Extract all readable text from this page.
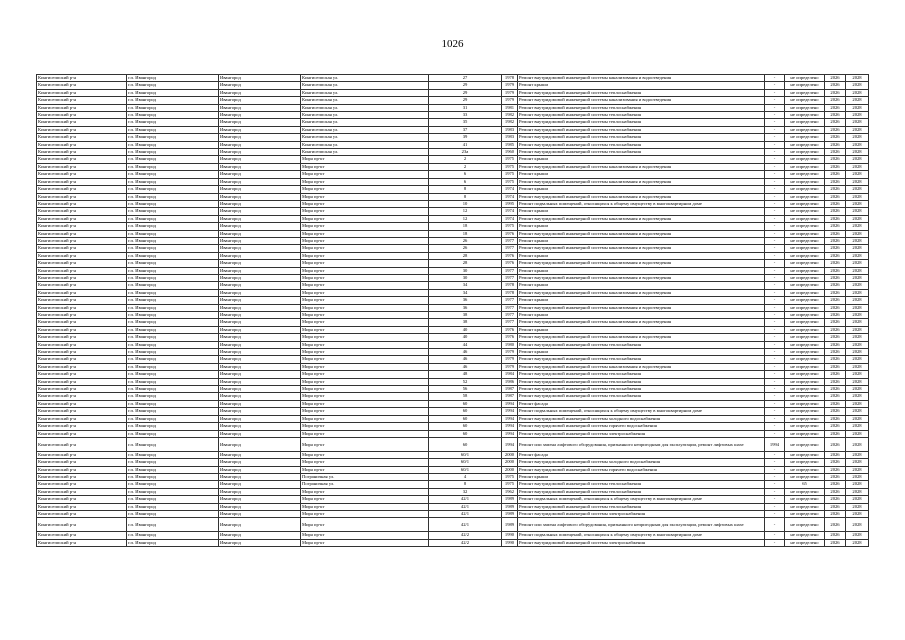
1026
Кингисеппский р-н	г.п. Ивангород	Ивангород	Кингисеппская ул.	27	1978	Ремонт внутридомовой инженерной системы канализования и водоотведения	-	не определено	2026	2028
Кингисеппский р-н	г.п. Ивангород	Ивангород	Кингисеппская ул.	29	1979	Ремонт крыши	-	не определено	2026	2028
Кингисеппский р-н	г.п. Ивангород	Ивангород	Кингисеппская ул.	29	1979	Ремонт внутридомовой инженерной системы теплоснабжения	-	не определено	2026	2028
Кингисеппский р-н	г.п. Ивангород	Ивангород	Кингисеппская ул.	29	1979	Ремонт внутридомовой инженерной системы канализования и водоотведения	-	не определено	2026	2028
Кингисеппский р-н	г.п. Ивангород	Ивангород	Кингисеппская ул.	31	1981	Ремонт внутридомовой инженерной системы теплоснабжения	-	не определено	2026	2028
Кингисеппский р-н	г.п. Ивангород	Ивангород	Кингисеппская ул.	33	1982	Ремонт внутридомовой инженерной системы теплоснабжения	-	не определено	2026	2028
Кингисеппский р-н	г.п. Ивангород	Ивангород	Кингисеппская ул.	35	1982	Ремонт внутридомовой инженерной системы теплоснабжения	-	не определено	2026	2028
Кингисеппский р-н	г.п. Ивангород	Ивангород	Кингисеппская ул.	37	1983	Ремонт внутридомовой инженерной системы теплоснабжения	-	не определено	2026	2028
Кингисеппский р-н	г.п. Ивангород	Ивангород	Кингисеппская ул.	39	1983	Ремонт внутридомовой инженерной системы теплоснабжения	-	не определено	2026	2028
Кингисеппский р-н	г.п. Ивангород	Ивангород	Кингисеппская ул.	41	1985	Ремонт внутридомовой инженерной системы теплоснабжения	-	не определено	2026	2028
Кингисеппский р-н	г.п. Ивангород	Ивангород	Кингисеппская ул.	23а	1960	Ремонт внутридомовой инженерной системы теплоснабжения	-	не определено	2026	2028
Кингисеппский р-н	г.п. Ивангород	Ивангород	Мира пр-кт	2	1975	Ремонт крыши	-	не определено	2026	2028
Кингисеппский р-н	г.п. Ивангород	Ивангород	Мира пр-кт	2	1975	Ремонт внутридомовой инженерной системы канализования и водоотведения	-	не определено	2026	2028
Кингисеппский р-н	г.п. Ивангород	Ивангород	Мира пр-кт	6	1975	Ремонт крыши	-	не определено	2026	2028
Кингисеппский р-н	г.п. Ивангород	Ивангород	Мира пр-кт	6	1975	Ремонт внутридомовой инженерной системы канализования и водоотведения	-	не определено	2026	2028
Кингисеппский р-н	г.п. Ивангород	Ивангород	Мира пр-кт	8	1974	Ремонт крыши	-	не определено	2026	2028
Кингисеппский р-н	г.п. Ивангород	Ивангород	Мира пр-кт	8	1974	Ремонт внутридомовой инженерной системы канализования и водоотведения	-	не определено	2026	2028
Кингисеппский р-н	г.п. Ивангород	Ивангород	Мира пр-кт	10	1995	Ремонт подвальных помещений, относящихся к общему имуществу в многоквартирном доме	-	не определено	2026	2028
Кингисеппский р-н	г.п. Ивангород	Ивангород	Мира пр-кт	12	1974	Ремонт крыши	-	не определено	2026	2028
Кингисеппский р-н	г.п. Ивангород	Ивангород	Мира пр-кт	12	1974	Ремонт внутридомовой инженерной системы канализования и водоотведения	-	не определено	2026	2028
Кингисеппский р-н	г.п. Ивангород	Ивангород	Мира пр-кт	18	1975	Ремонт крыши	-	не определено	2026	2028
Кингисеппский р-н	г.п. Ивангород	Ивангород	Мира пр-кт	18	1976	Ремонт внутридомовой инженерной системы канализования и водоотведения	-	не определено	2026	2028
Кингисеппский р-н	г.п. Ивангород	Ивангород	Мира пр-кт	26	1977	Ремонт крыши	-	не определено	2026	2028
Кингисеппский р-н	г.п. Ивангород	Ивангород	Мира пр-кт	26	1977	Ремонт внутридомовой инженерной системы канализования и водоотведения	-	не определено	2026	2028
Кингисеппский р-н	г.п. Ивангород	Ивангород	Мира пр-кт	28	1976	Ремонт крыши	-	не определено	2026	2028
Кингисеппский р-н	г.п. Ивангород	Ивангород	Мира пр-кт	28	1976	Ремонт внутридомовой инженерной системы канализования и водоотведения	-	не определено	2026	2028
Кингисеппский р-н	г.п. Ивангород	Ивангород	Мира пр-кт	30	1977	Ремонт крыши	-	не определено	2026	2028
Кингисеппский р-н	г.п. Ивангород	Ивангород	Мира пр-кт	30	1977	Ремонт внутридомовой инженерной системы канализования и водоотведения	-	не определено	2026	2028
Кингисеппский р-н	г.п. Ивангород	Ивангород	Мира пр-кт	34	1978	Ремонт крыши	-	не определено	2026	2028
Кингисеппский р-н	г.п. Ивангород	Ивангород	Мира пр-кт	34	1978	Ремонт внутридомовой инженерной системы канализования и водоотведения	-	не определено	2026	2028
Кингисеппский р-н	г.п. Ивангород	Ивангород	Мира пр-кт	36	1977	Ремонт крыши	-	не определено	2026	2028
Кингисеппский р-н	г.п. Ивангород	Ивангород	Мира пр-кт	36	1977	Ремонт внутридомовой инженерной системы канализования и водоотведения	-	не определено	2026	2028
Кингисеппский р-н	г.п. Ивангород	Ивангород	Мира пр-кт	38	1977	Ремонт крыши	-	не определено	2026	2028
Кингисеппский р-н	г.п. Ивангород	Ивангород	Мира пр-кт	38	1977	Ремонт внутридомовой инженерной системы канализования и водоотведения	-	не определено	2026	2028
Кингисеппский р-н	г.п. Ивангород	Ивангород	Мира пр-кт	40	1976	Ремонт крыши	-	не определено	2026	2028
Кингисеппский р-н	г.п. Ивангород	Ивангород	Мира пр-кт	40	1976	Ремонт внутридомовой инженерной системы канализования и водоотведения	-	не определено	2026	2028
Кингисеппский р-н	г.п. Ивангород	Ивангород	Мира пр-кт	44	1980	Ремонт внутридомовой инженерной системы теплоснабжения	-	не определено	2026	2028
Кингисеппский р-н	г.п. Ивангород	Ивангород	Мира пр-кт	46	1979	Ремонт крыши	-	не определено	2026	2028
Кингисеппский р-н	г.п. Ивангород	Ивангород	Мира пр-кт	46	1979	Ремонт внутридомовой инженерной системы теплоснабжения	-	не определено	2026	2028
Кингисеппский р-н	г.п. Ивангород	Ивангород	Мира пр-кт	46	1979	Ремонт внутридомовой инженерной системы канализования и водоотведения	-	не определено	2026	2028
Кингисеппский р-н	г.п. Ивангород	Ивангород	Мира пр-кт	48	1984	Ремонт внутридомовой инженерной системы теплоснабжения	-	не определено	2026	2028
Кингисеппский р-н	г.п. Ивангород	Ивангород	Мира пр-кт	52	1986	Ремонт внутридомовой инженерной системы теплоснабжения	-	не определено	2026	2028
Кингисеппский р-н	г.п. Ивангород	Ивангород	Мира пр-кт	56	1987	Ремонт внутридомовой инженерной системы теплоснабжения	-	не определено	2026	2028
Кингисеппский р-н	г.п. Ивангород	Ивангород	Мира пр-кт	58	1987	Ремонт внутридомовой инженерной системы теплоснабжения	-	не определено	2026	2028
Кингисеппский р-н	г.п. Ивангород	Ивангород	Мира пр-кт	60	1994	Ремонт фасада	-	не определено	2026	2028
Кингисеппский р-н	г.п. Ивангород	Ивангород	Мира пр-кт	60	1994	Ремонт подвальных помещений, относящихся к общему имуществу в многоквартирном доме	-	не определено	2026	2028
Кингисеппский р-н	г.п. Ивангород	Ивангород	Мира пр-кт	60	1994	Ремонт внутридомовой инженерной системы холодного водоснабжения	-	не определено	2026	2028
Кингисеппский р-н	г.п. Ивангород	Ивангород	Мира пр-кт	60	1994	Ремонт внутридомовой инженерной системы горячего водоснабжения	-	не определено	2026	2028
Кингисеппский р-н	г.п. Ивангород	Ивангород	Мира пр-кт	60	1994	Ремонт внутридомовой инженерной системы электроснабжения	-	не определено	2026	2028
Кингисеппский р-н	г.п. Ивангород	Ивангород	Мира пр-кт	60	1994	Ремонт или замена лифтового оборудования, признанного непригодным для эксплуатации, ремонт лифтовых шахт	1994	не определено	2026	2028
Кингисеппский р-н	г.п. Ивангород	Ивангород	Мира пр-кт	60/1	2000	Ремонт фасада	-	не определено	2026	2028
Кингисеппский р-н	г.п. Ивангород	Ивангород	Мира пр-кт	60/1	2000	Ремонт внутридомовой инженерной системы холодного водоснабжения	-	не определено	2026	2028
Кингисеппский р-н	г.п. Ивангород	Ивангород	Мира пр-кт	60/1	2000	Ремонт внутридомовой инженерной системы горячего водоснабжения	-	не определено	2026	2028
Кингисеппский р-н	г.п. Ивангород	Ивангород	Пограничная ул.	4	1975	Ремонт крыши	-	не определено	2026	2028
Кингисеппский р-н	г.п. Ивангород	Ивангород	Пограничная ул.	8	1975	Ремонт внутридомовой инженерной системы теплоснабжения	-	65	2026	2028
Кингисеппский р-н	г.п. Ивангород	Ивангород	Мира пр-кт	32	1962	Ремонт внутридомовой инженерной системы теплоснабжения	-	не определено	2026	2028
Кингисеппский р-н	г.п. Ивангород	Ивангород	Мира пр-кт	42/1	1989	Ремонт подвальных помещений, относящихся к общему имуществу в многоквартирном доме	-	не определено	2026	2028
Кингисеппский р-н	г.п. Ивангород	Ивангород	Мира пр-кт	42/1	1989	Ремонт внутридомовой инженерной системы теплоснабжения	-	не определено	2026	2028
Кингисеппский р-н	г.п. Ивангород	Ивангород	Мира пр-кт	42/1	1989	Ремонт внутридомовой инженерной системы электроснабжения	-	не определено	2026	2028
Кингисеппский р-н	г.п. Ивангород	Ивангород	Мира пр-кт	42/1	1989	Ремонт или замена лифтового оборудования, признанного непригодным для эксплуатации, ремонт лифтовых шахт	-	не определено	2026	2028
Кингисеппский р-н	г.п. Ивангород	Ивангород	Мира пр-кт	42/2	1990	Ремонт подвальных помещений, относящихся к общему имуществу в многоквартирном доме	-	не определено	2026	2028
Кингисеппский р-н	г.п. Ивангород	Ивангород	Мира пр-кт	42/2	1990	Ремонт внутридомовой инженерной системы электроснабжения	-	не определено	2026	2028
